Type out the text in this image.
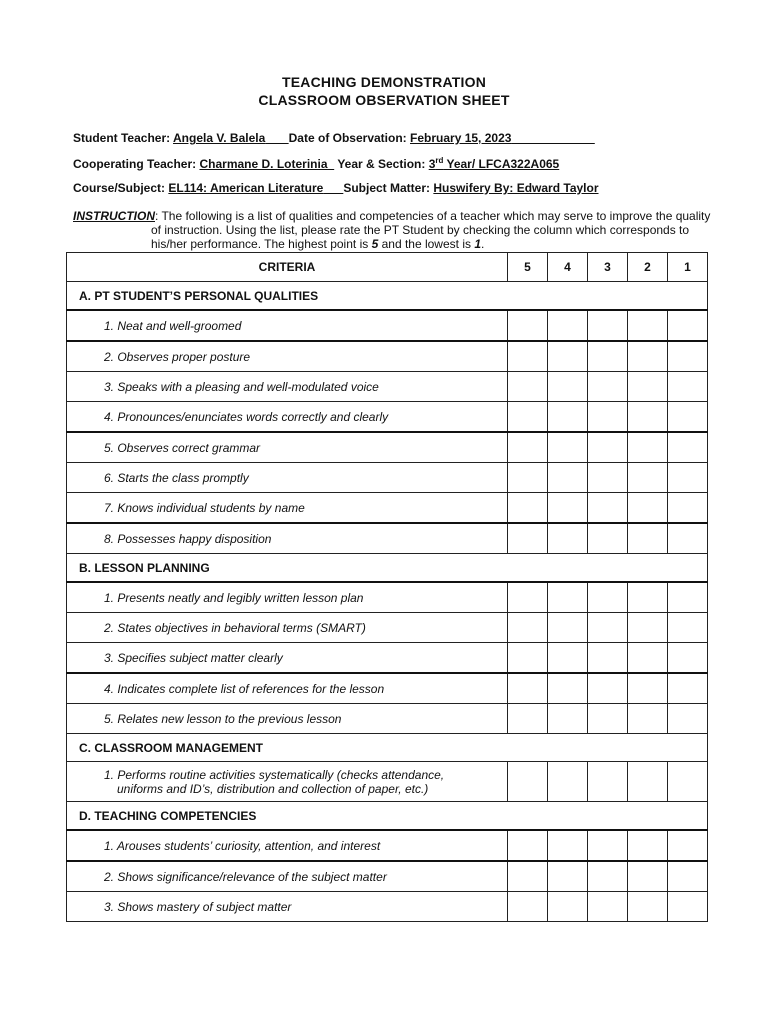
TEACHING DEMONSTRATION
CLASSROOM OBSERVATION SHEET
Student Teacher: Angela V. Balela Date of Observation: February 15, 2023
Cooperating Teacher: Charmane D. Loterinia Year & Section: 3rd Year/ LFCA322A065
Course/Subject: EL114: American Literature Subject Matter: Huswifery By: Edward Taylor
INSTRUCTION: The following is a list of qualities and competencies of a teacher which may serve to improve the quality
of instruction. Using the list, please rate the PT Student by checking the column which corresponds to
his/her performance. The highest point is 5 and the lowest is 1.
CRITERIA	5	4	3	2	1
A. PT STUDENT’S PERSONAL QUALITIES					
1. Neat and well-groomed					
2. Observes proper posture					
3. Speaks with a pleasing and well-modulated voice					
4. Pronounces/enunciates words correctly and clearly					
5. Observes correct grammar					
6. Starts the class promptly					
7. Knows individual students by name					
8. Possesses happy disposition					
B. LESSON PLANNING					
1. Presents neatly and legibly written lesson plan					
2. States objectives in behavioral terms (SMART)					
3. Specifies subject matter clearly					
4. Indicates complete list of references for the lesson					
5. Relates new lesson to the previous lesson					
C. CLASSROOM MANAGEMENT					
1. Performs routine activities systematically (checks attendance,
uniforms and ID’s, distribution and collection of paper, etc.)					

D. TEACHING COMPETENCIES					
1. Arouses students’ curiosity, attention, and interest					
2. Shows significance/relevance of the subject matter					
3. Shows mastery of subject matter					
